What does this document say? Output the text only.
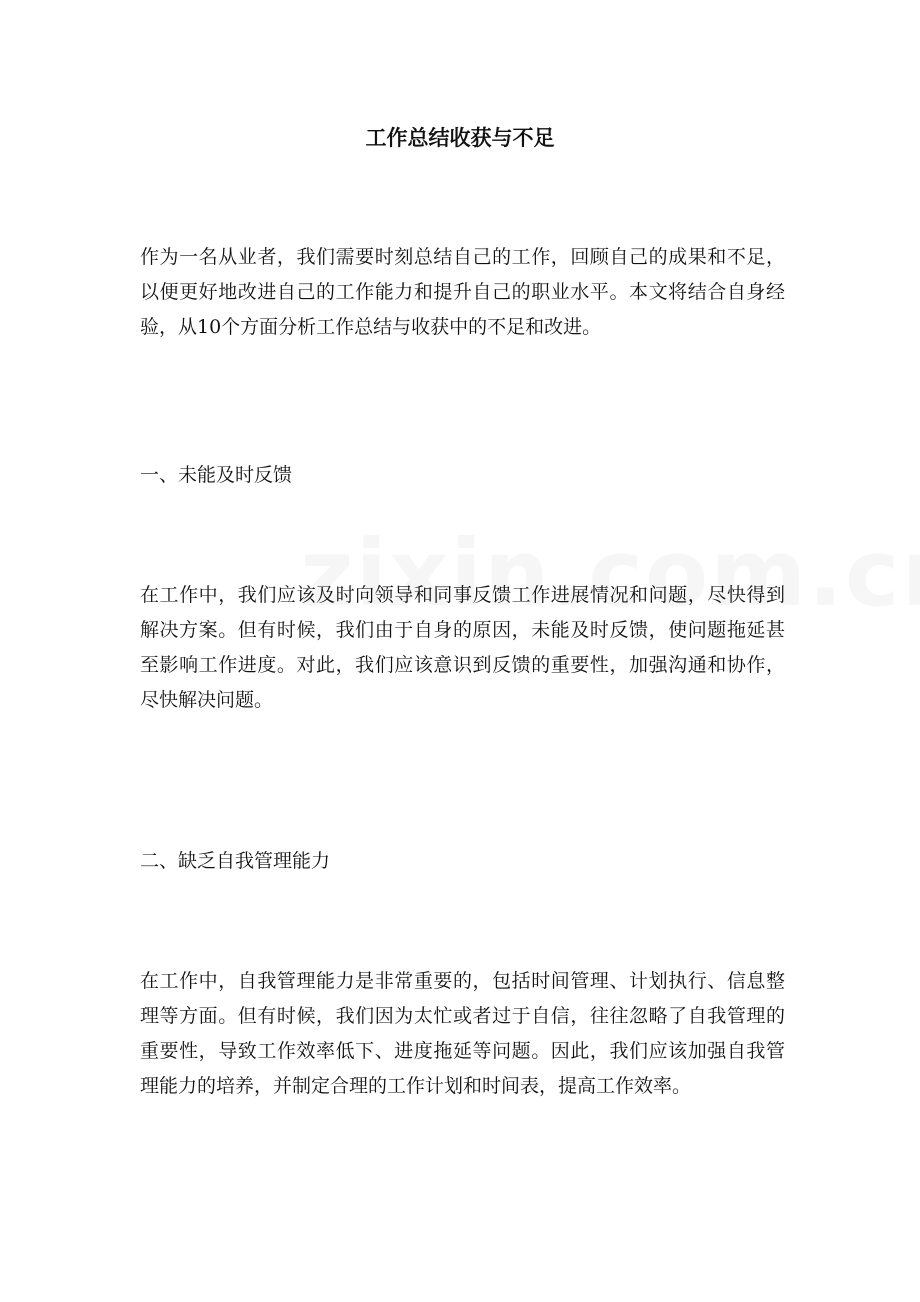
工作总结收获与不足

作为一名从业者，我们需要时刻总结自己的工作，回顾自己的成果和不足，以便更好地改进自己的工作能力和提升自己的职业水平。本文将结合自身经验，从10个方面分析工作总结与收获中的不足和改进。

一、未能及时反馈

在工作中，我们应该及时向领导和同事反馈工作进展情况和问题，尽快得到解决方案。但有时候，我们由于自身的原因，未能及时反馈，使问题拖延甚至影响工作进度。对此，我们应该意识到反馈的重要性，加强沟通和协作，尽快解决问题。

二、缺乏自我管理能力

在工作中，自我管理能力是非常重要的，包括时间管理、计划执行、信息整理等方面。但有时候，我们因为太忙或者过于自信，往往忽略了自我管理的重要性，导致工作效率低下、进度拖延等问题。因此，我们应该加强自我管理能力的培养，并制定合理的工作计划和时间表，提高工作效率。
